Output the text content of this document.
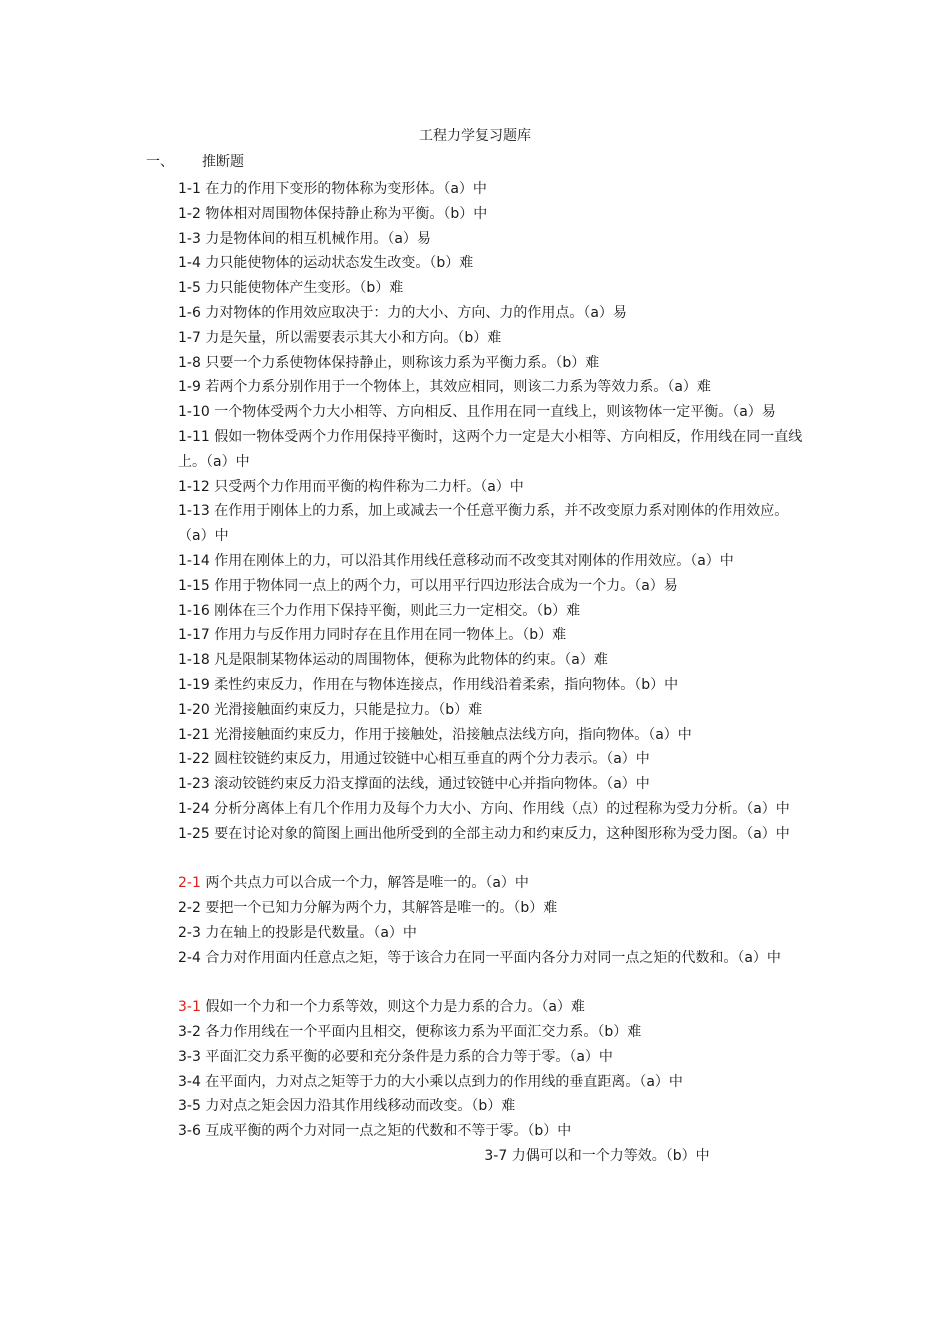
工程力学复习题库
一、 推断题

1-1 在力的作用下变形的物体称为变形体。（a）中

1-2 物体相对周围物体保持静止称为平衡。（b）中

1-3 力是物体间的相互机械作用。（a）易

1-4 力只能使物体的运动状态发生改变。（b）难

1-5 力只能使物体产生变形。（b）难

1-6 力对物体的作用效应取决于：力的大小、方向、力的作用点。（a）易

1-7 力是矢量，所以需要表示其大小和方向。（b）难

1-8 只要一个力系使物体保持静止，则称该力系为平衡力系。（b）难

1-9 若两个力系分别作用于一个物体上，其效应相同，则该二力系为等效力系。（a）难

1-10 一个物体受两个力大小相等、方向相反、且作用在同一直线上，则该物体一定平衡。（a）易

1-11 假如一物体受两个力作用保持平衡时，这两个力一定是大小相等、方向相反，作用线在同一直线上。（a）中

1-12 只受两个力作用而平衡的构件称为二力杆。（a）中

1-13 在作用于刚体上的力系，加上或减去一个任意平衡力系，并不改变原力系对刚体的作用效应。（a）中

1-14 作用在刚体上的力，可以沿其作用线任意移动而不改变其对刚体的作用效应。（a）中

1-15 作用于物体同一点上的两个力，可以用平行四边形法合成为一个力。（a）易

1-16 刚体在三个力作用下保持平衡，则此三力一定相交。（b）难

1-17 作用力与反作用力同时存在且作用在同一物体上。（b）难

1-18 凡是限制某物体运动的周围物体，便称为此物体的约束。（a）难

1-19 柔性约束反力，作用在与物体连接点，作用线沿着柔索，指向物体。（b）中

1-20 光滑接触面约束反力，只能是拉力。（b）难

1-21 光滑接触面约束反力，作用于接触处，沿接触点法线方向，指向物体。（a）中

1-22 圆柱铰链约束反力，用通过铰链中心相互垂直的两个分力表示。（a）中

1-23 滚动铰链约束反力沿支撑面的法线，通过铰链中心并指向物体。（a）中

1-24 分析分离体上有几个作用力及每个力大小、方向、作用线（点）的过程称为受力分析。（a）中

1-25 要在讨论对象的简图上画出他所受到的全部主动力和约束反力，这种图形称为受力图。（a）中

2-1 两个共点力可以合成一个力，解答是唯一的。（a）中

2-2 要把一个已知力分解为两个力，其解答是唯一的。（b）难

2-3 力在轴上的投影是代数量。（a）中

2-4 合力对作用面内任意点之矩，等于该合力在同一平面内各分力对同一点之矩的代数和。（a）中

3-1 假如一个力和一个力系等效，则这个力是力系的合力。（a）难

3-2 各力作用线在一个平面内且相交，便称该力系为平面汇交力系。（b）难

3-3 平面汇交力系平衡的必要和充分条件是力系的合力等于零。（a）中

3-4 在平面内，力对点之矩等于力的大小乘以点到力的作用线的垂直距离。（a）中

3-5 力对点之矩会因力沿其作用线移动而改变。（b）难

3-6 互成平衡的两个力对同一点之矩的代数和不等于零。（b）中

3-7 力偶可以和一个力等效。（b）中
